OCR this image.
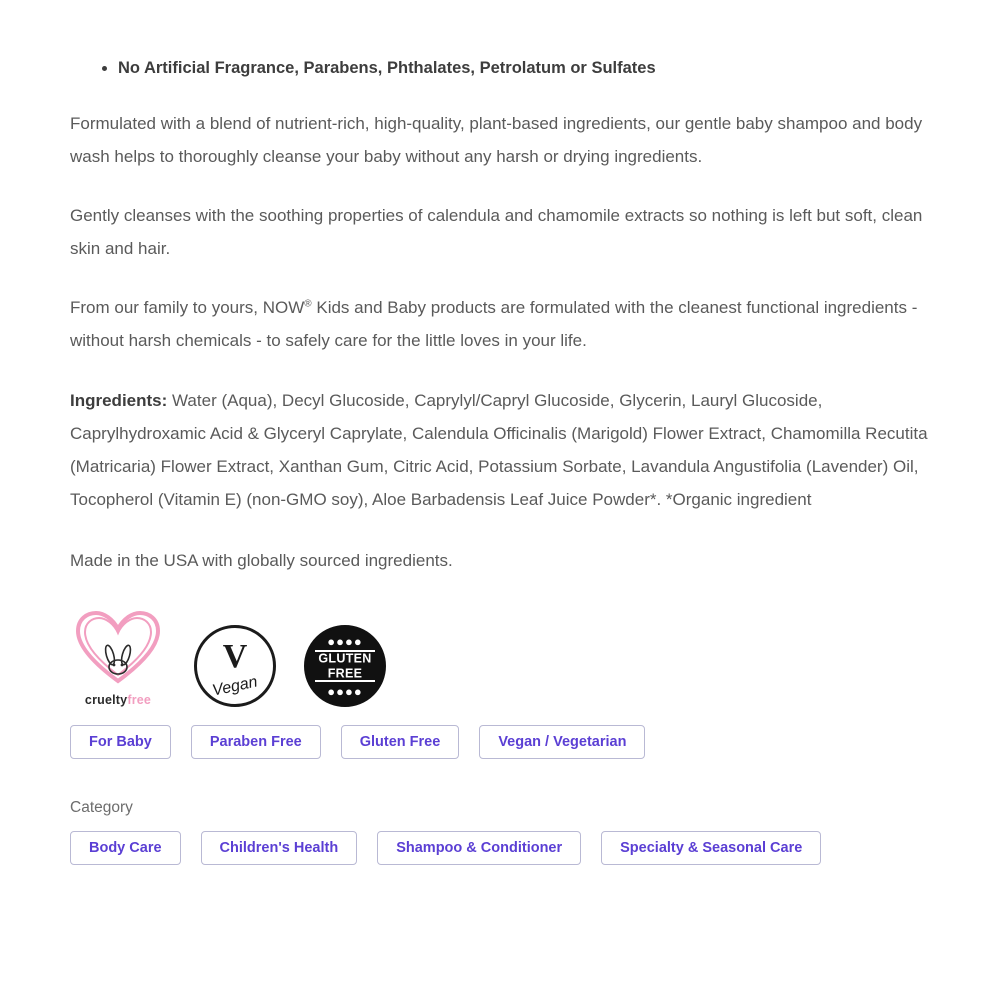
• No Artificial Fragrance, Parabens, Phthalates, Petrolatum or Sulfates

Formulated with a blend of nutrient-rich, high-quality, plant-based ingredients, our gentle baby shampoo and body wash helps to thoroughly cleanse your baby without any harsh or drying ingredients.

Gently cleanses with the soothing properties of calendula and chamomile extracts so nothing is left but soft, clean skin and hair.

From our family to yours, NOW® Kids and Baby products are formulated with the cleanest functional ingredients - without harsh chemicals - to safely care for the little loves in your life.

Ingredients: Water (Aqua), Decyl Glucoside, Caprylyl/Capryl Glucoside, Glycerin, Lauryl Glucoside, Caprylhydroxamic Acid & Glyceryl Caprylate, Calendula Officinalis (Marigold) Flower Extract, Chamomilla Recutita (Matricaria) Flower Extract, Xanthan Gum, Citric Acid, Potassium Sorbate, Lavandula Angustifolia (Lavender) Oil, Tocopherol (Vitamin E) (non-GMO soy), Aloe Barbadensis Leaf Juice Powder*. *Organic ingredient

Made in the USA with globally sourced ingredients.

crueltyfree
V
Vegan
●●●●
GLUTEN
FREE
●●●●
For Baby	Paraben Free	Gluten Free	Vegan / Vegetarian
Category
Body Care	Children's Health	Shampoo & Conditioner	Specialty & Seasonal Care
